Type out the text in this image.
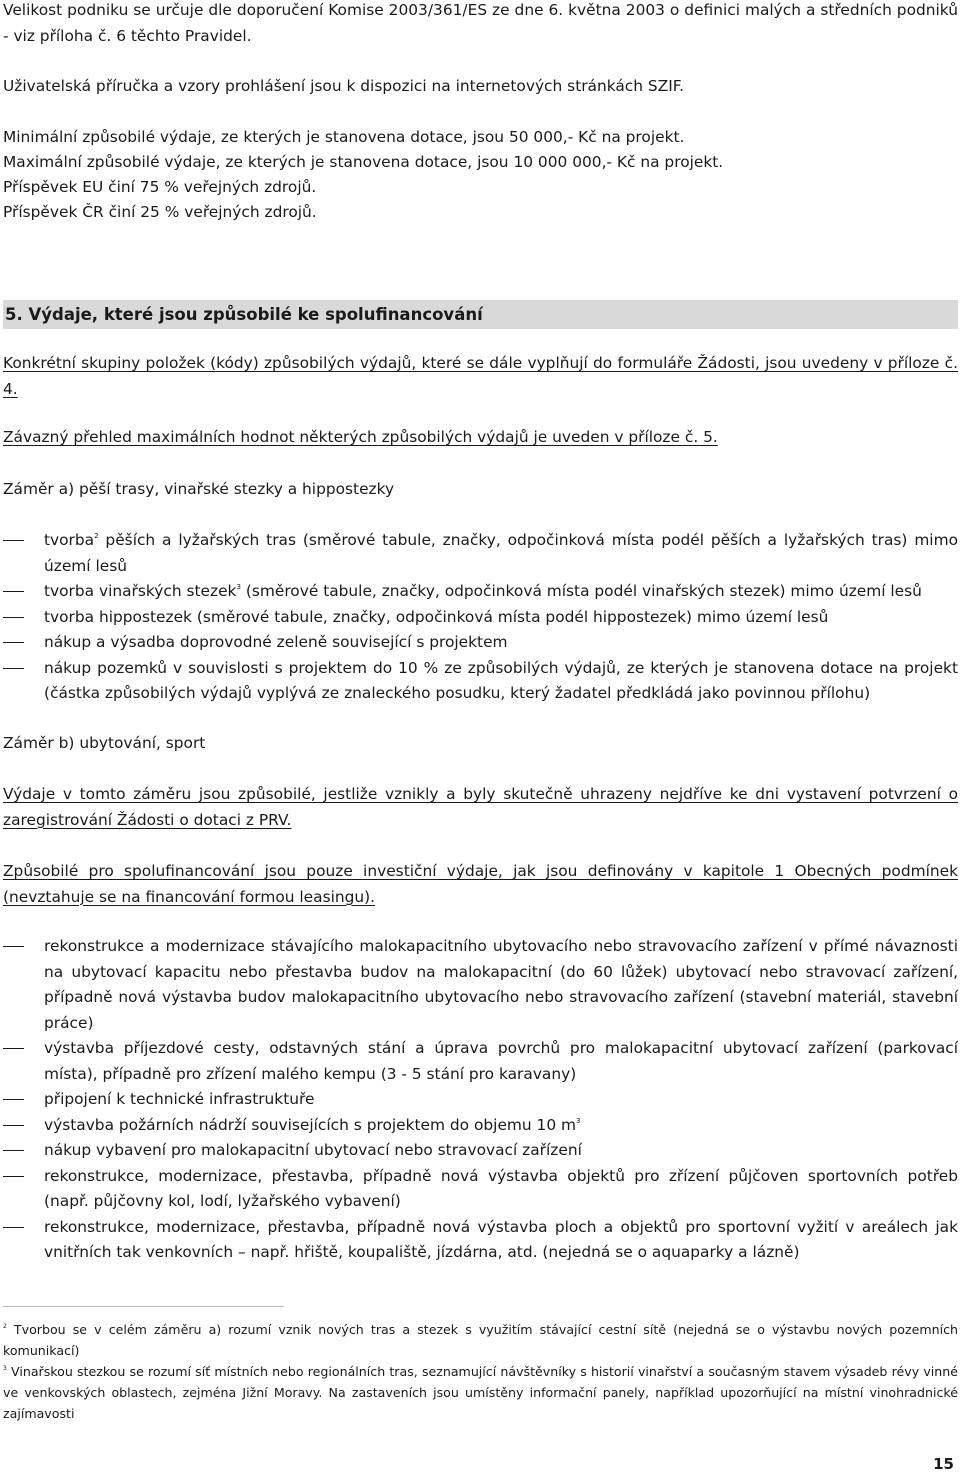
Velikost podniku se určuje dle doporučení Komise 2003/361/ES ze dne 6. května 2003 o definici malých a středních podniků - viz příloha č. 6 těchto Pravidel.

Uživatelská příručka a vzory prohlášení jsou k dispozici na internetových stránkách SZIF.

Minimální způsobilé výdaje, ze kterých je stanovena dotace, jsou 50 000,- Kč na projekt.

Maximální způsobilé výdaje, ze kterých je stanovena dotace, jsou 10 000 000,- Kč na projekt.

Příspěvek EU činí 75 % veřejných zdrojů.

Příspěvek ČR činí 25 % veřejných zdrojů.

5. Výdaje, které jsou způsobilé ke spolufinancování

Konkrétní skupiny položek (kódy) způsobilých výdajů, které se dále vyplňují do formuláře Žádosti, jsou uvedeny v příloze č. 4.

Závazný přehled maximálních hodnot některých způsobilých výdajů je uveden v příloze č. 5.

Záměr a) pěší trasy, vinařské stezky a hippostezky

tvorba$^2$ pěších a lyžařských tras (směrové tabule, značky, odpočinková místa podél pěších a lyžařských tras) mimo území lesů
tvorba vinařských stezek$^3$ (směrové tabule, značky, odpočinková místa podél vinařských stezek) mimo území lesů
tvorba hippostezek (směrové tabule, značky, odpočinková místa podél hippostezek) mimo území lesů
nákup a výsadba doprovodné zeleně související s projektem
nákup pozemků v souvislosti s projektem do 10 % ze způsobilých výdajů, ze kterých je stanovena dotace na projekt (částka způsobilých výdajů vyplývá ze znaleckého posudku, který žadatel předkládá jako povinnou přílohu)

Záměr b) ubytování, sport

Výdaje v tomto záměru jsou způsobilé, jestliže vznikly a byly skutečně uhrazeny nejdříve ke dni vystavení potvrzení o zaregistrování Žádosti o dotaci z PRV.

Způsobilé pro spolufinancování jsou pouze investiční výdaje, jak jsou definovány v kapitole 1 Obecných podmínek (nevztahuje se na financování formou leasingu).

rekonstrukce a modernizace stávajícího malokapacitního ubytovacího nebo stravovacího zařízení v přímé návaznosti na ubytovací kapacitu nebo přestavba budov na malokapacitní (do 60 lůžek) ubytovací nebo stravovací zařízení, případně nová výstavba budov malokapacitního ubytovacího nebo stravovacího zařízení (stavební materiál, stavební práce)
výstavba příjezdové cesty, odstavných stání a úprava povrchů pro malokapacitní ubytovací zařízení (parkovací místa), případně pro zřízení malého kempu (3 - 5 stání pro karavany)
připojení k technické infrastruktuře
výstavba požárních nádrží souvisejících s projektem do objemu 10 $m^3$
nákup vybavení pro malokapacitní ubytovací nebo stravovací zařízení
rekonstrukce, modernizace, přestavba, případně nová výstavba objektů pro zřízení půjčoven sportovních potřeb (např. půjčovny kol, lodí, lyžařského vybavení)
rekonstrukce, modernizace, přestavba, případně nová výstavba ploch a objektů pro sportovní vyžití v areálech jak vnitřních tak venkovních – např. hřiště, koupaliště, jízdárna, atd. (nejedná se o aquaparky a lázně)

$^2$ Tvorbou se v celém záměru a) rozumí vznik nových tras a stezek s využitím stávající cestní sítě (nejedná se o výstavbu nových pozemních komunikací)

$^3$ Vinařskou stezkou se rozumí síť místních nebo regionálních tras, seznamující návštěvníky s historií vinařství a současným stavem výsadeb révy vinné ve venkovských oblastech, zejména Jižní Moravy. Na zastaveních jsou umístěny informační panely, například upozorňující na místní vinohradnické zajímavosti

15
